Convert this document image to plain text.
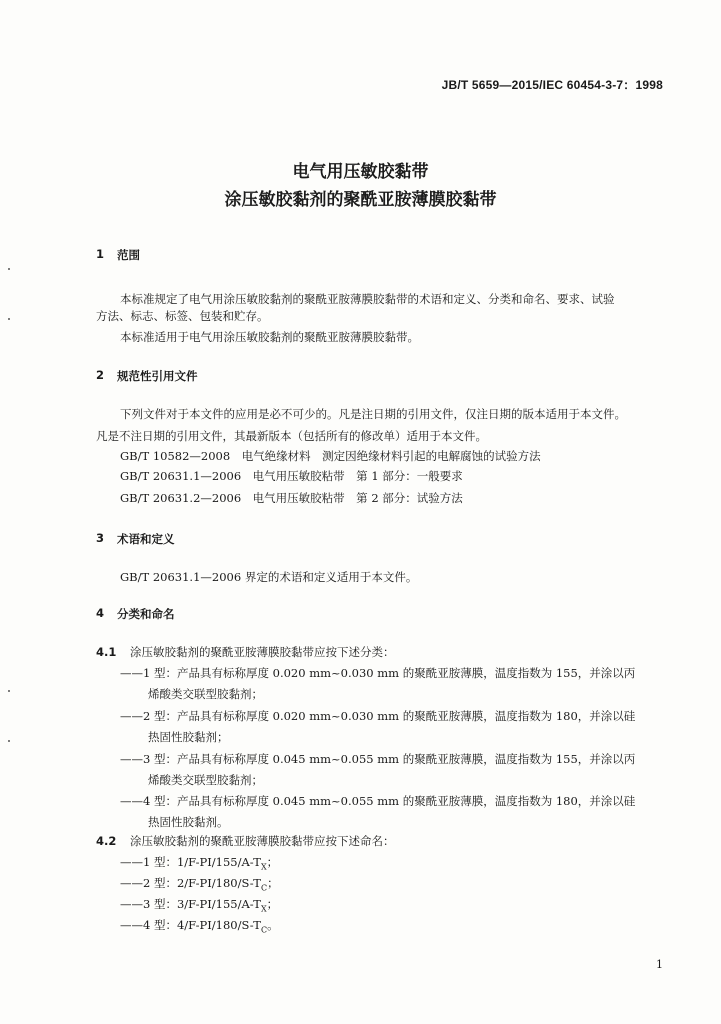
JB/T 5659—2015/IEC 60454-3-7：1998
电气用压敏胶黏带
涂压敏胶黏剂的聚酰亚胺薄膜胶黏带
1 范围
本标准规定了电气用涂压敏胶黏剂的聚酰亚胺薄膜胶黏带的术语和定义、分类和命名、要求、试验
方法、标志、标签、包装和贮存。
本标准适用于电气用涂压敏胶黏剂的聚酰亚胺薄膜胶黏带。
2 规范性引用文件
下列文件对于本文件的应用是必不可少的。凡是注日期的引用文件，仅注日期的版本适用于本文件。
凡是不注日期的引用文件，其最新版本（包括所有的修改单）适用于本文件。
GB/T 10582—2008　电气绝缘材料　测定因绝缘材料引起的电解腐蚀的试验方法
GB/T 20631.1—2006　电气用压敏胶粘带　第 1 部分：一般要求
GB/T 20631.2—2006　电气用压敏胶粘带　第 2 部分：试验方法
3 术语和定义
GB/T 20631.1—2006 界定的术语和定义适用于本文件。
4 分类和命名
4.1 涂压敏胶黏剂的聚酰亚胺薄膜胶黏带应按下述分类：
——1 型：产品具有标称厚度 0.020 mm~0.030 mm 的聚酰亚胺薄膜，温度指数为 155，并涂以丙
烯酸类交联型胶黏剂；
——2 型：产品具有标称厚度 0.020 mm~0.030 mm 的聚酰亚胺薄膜，温度指数为 180，并涂以硅
热固性胶黏剂；
——3 型：产品具有标称厚度 0.045 mm~0.055 mm 的聚酰亚胺薄膜，温度指数为 155，并涂以丙
烯酸类交联型胶黏剂；
——4 型：产品具有标称厚度 0.045 mm~0.055 mm 的聚酰亚胺薄膜，温度指数为 180，并涂以硅
热固性胶黏剂。
4.2 涂压敏胶黏剂的聚酰亚胺薄膜胶黏带应按下述命名：
——1 型：$1/F-PI/155/A-T_X$；
——2 型：$2/F-PI/180/S-T_C$；
——3 型：$3/F-PI/155/A-T_X$；
——4 型：$4/F-PI/180/S-T_C$。
1
